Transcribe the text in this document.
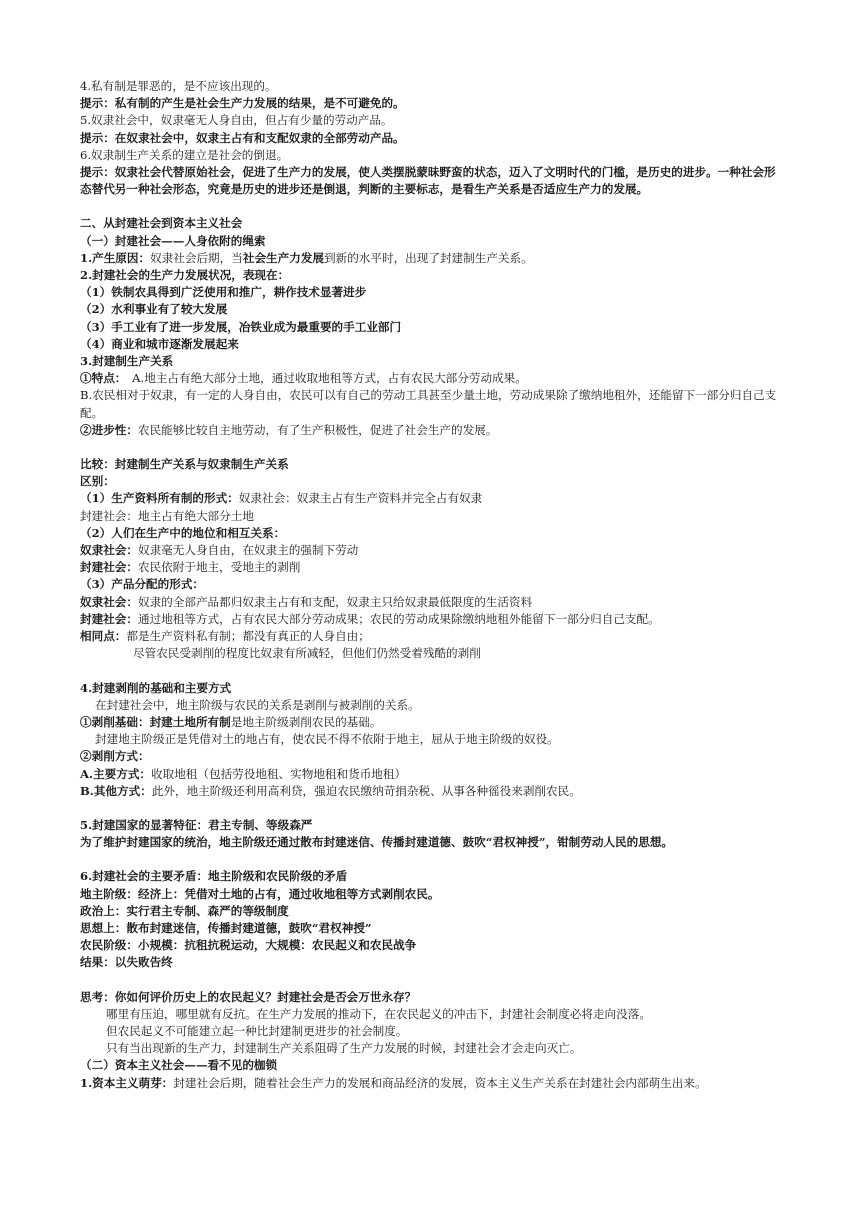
4.私有制是罪恶的，是不应该出现的。
提示：私有制的产生是社会生产力发展的结果，是不可避免的。
5.奴隶社会中，奴隶毫无人身自由，但占有少量的劳动产品。
提示：在奴隶社会中，奴隶主占有和支配奴隶的全部劳动产品。
6.奴隶制生产关系的建立是社会的倒退。
提示：奴隶社会代替原始社会，促进了生产力的发展，使人类摆脱蒙昧野蛮的状态，迈入了文明时代的门槛，是历史的进步。一种社会形态替代另一种社会形态，究竟是历史的进步还是倒退，判断的主要标志，是看生产关系是否适应生产力的发展。
二、从封建社会到资本主义社会
（一）封建社会——人身依附的绳索
1.产生原因：奴隶社会后期，当社会生产力发展到新的水平时，出现了封建制生产关系。
2.封建社会的生产力发展状况，表现在：
（1）铁制农具得到广泛使用和推广，耕作技术显著进步
（2）水利事业有了较大发展
（3）手工业有了进一步发展，冶铁业成为最重要的手工业部门
（4）商业和城市逐渐发展起来
3.封建制生产关系
①特点：　A.地主占有绝大部分土地，通过收取地租等方式，占有农民大部分劳动成果。
B.农民相对于奴隶，有一定的人身自由，农民可以有自己的劳动工具甚至少量土地，劳动成果除了缴纳地租外，还能留下一部分归自己支配。
②进步性：农民能够比较自主地劳动，有了生产积极性，促进了社会生产的发展。
比较：封建制生产关系与奴隶制生产关系
区别：
（1）生产资料所有制的形式：奴隶社会：奴隶主占有生产资料并完全占有奴隶
封建社会：地主占有绝大部分土地
（2）人们在生产中的地位和相互关系：
奴隶社会：奴隶毫无人身自由，在奴隶主的强制下劳动
封建社会：农民依附于地主，受地主的剥削
（3）产品分配的形式：
奴隶社会：奴隶的全部产品都归奴隶主占有和支配，奴隶主只给奴隶最低限度的生活资料
封建社会：通过地租等方式，占有农民大部分劳动成果；农民的劳动成果除缴纳地租外能留下一部分归自己支配。
相同点：都是生产资料私有制；都没有真正的人身自由；
尽管农民受剥削的程度比奴隶有所减轻，但他们仍然受着残酷的剥削
4.封建剥削的基础和主要方式
在封建社会中，地主阶级与农民的关系是剥削与被剥削的关系。
①剥削基础：封建土地所有制是地主阶级剥削农民的基础。
封建地主阶级正是凭借对土的地占有，使农民不得不依附于地主，屈从于地主阶级的奴役。
②剥削方式：
A.主要方式：收取地租（包括劳役地租、实物地租和货币地租）
B.其他方式：此外，地主阶级还利用高利贷，强迫农民缴纳苛捐杂税、从事各种徭役来剥削农民。
5.封建国家的显著特征：君主专制、等级森严
为了维护封建国家的统治，地主阶级还通过散布封建迷信、传播封建道德、鼓吹“君权神授”，钳制劳动人民的思想。
6.封建社会的主要矛盾：地主阶级和农民阶级的矛盾
地主阶级：经济上：凭借对土地的占有，通过收地租等方式剥削农民。
政治上：实行君主专制、森严的等级制度
思想上：散布封建迷信，传播封建道德，鼓吹“君权神授”
农民阶级：小规模：抗租抗税运动，大规模：农民起义和农民战争
结果：以失败告终
思考：你如何评价历史上的农民起义？封建社会是否会万世永存？
哪里有压迫，哪里就有反抗。在生产力发展的推动下，在农民起义的冲击下，封建社会制度必将走向没落。
但农民起义不可能建立起一种比封建制更进步的社会制度。
只有当出现新的生产力，封建制生产关系阻碍了生产力发展的时候，封建社会才会走向灭亡。
（二）资本主义社会——看不见的枷锁
1.资本主义萌芽：封建社会后期，随着社会生产力的发展和商品经济的发展，资本主义生产关系在封建社会内部萌生出来。
